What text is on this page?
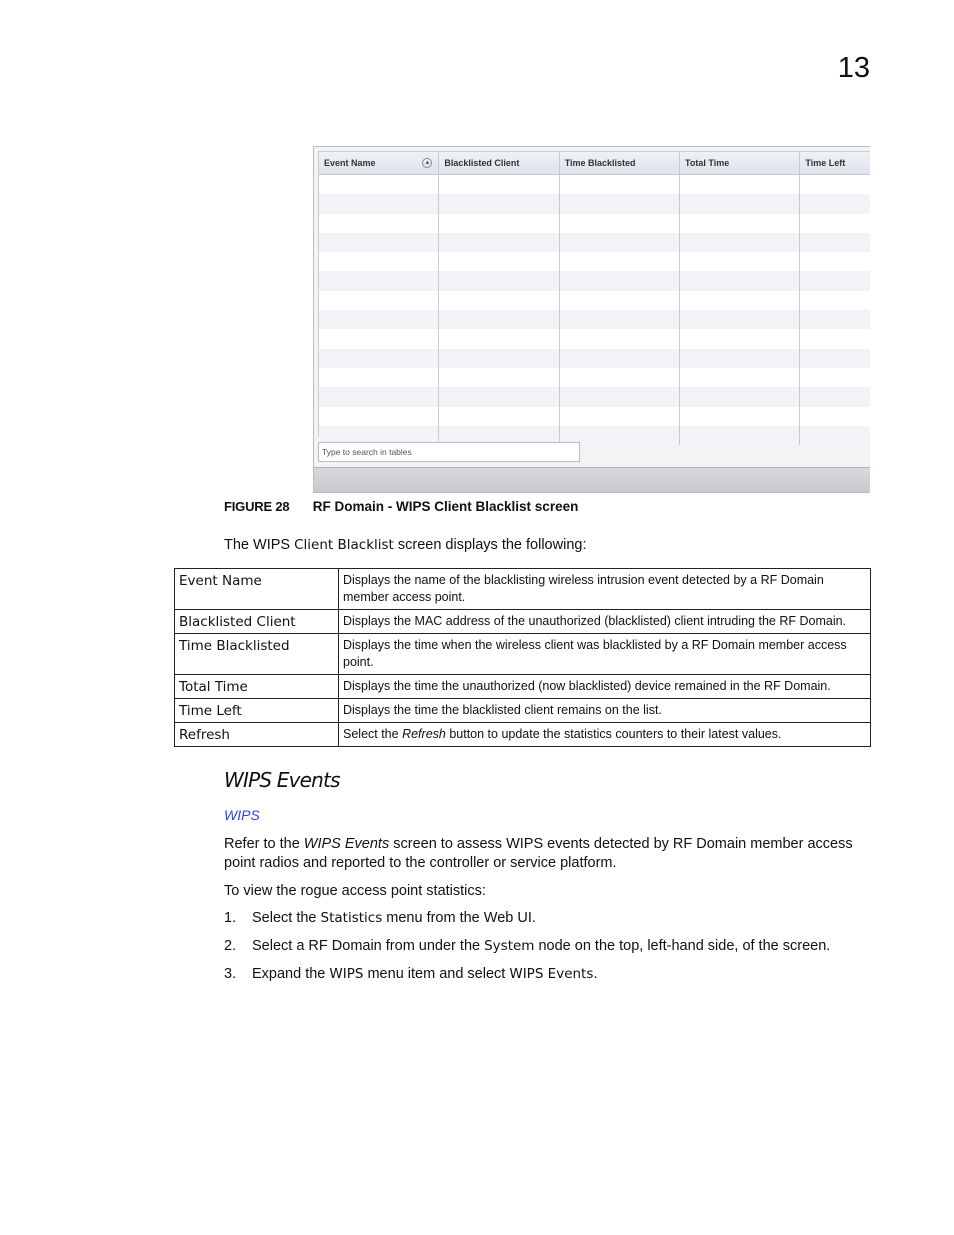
13
Event Name	▲	Blacklisted Client	Time Blacklisted	Total Time	Time Left
Type to search in tables
FIGURE 28 RF Domain - WIPS Client Blacklist screen
The WIPS Client Blacklist screen displays the following:
Event Name	Displays the name of the blacklisting wireless intrusion event detected by a RF Domain member access point.
Blacklisted Client	Displays the MAC address of the unauthorized (blacklisted) client intruding the RF Domain.
Time Blacklisted	Displays the time when the wireless client was blacklisted by a RF Domain member access point.
Total Time	Displays the time the unauthorized (now blacklisted) device remained in the RF Domain.
Time Left	Displays the time the blacklisted client remains on the list.
Refresh	Select the Refresh button to update the statistics counters to their latest values.
WIPS Events
WIPS
Refer to the WIPS Events screen to assess WIPS events detected by RF Domain member access point radios and reported to the controller or service platform.
To view the rogue access point statistics:
1. Select the Statistics menu from the Web UI.
2. Select a RF Domain from under the System node on the top, left-hand side, of the screen.
3. Expand the WIPS menu item and select WIPS Events.
